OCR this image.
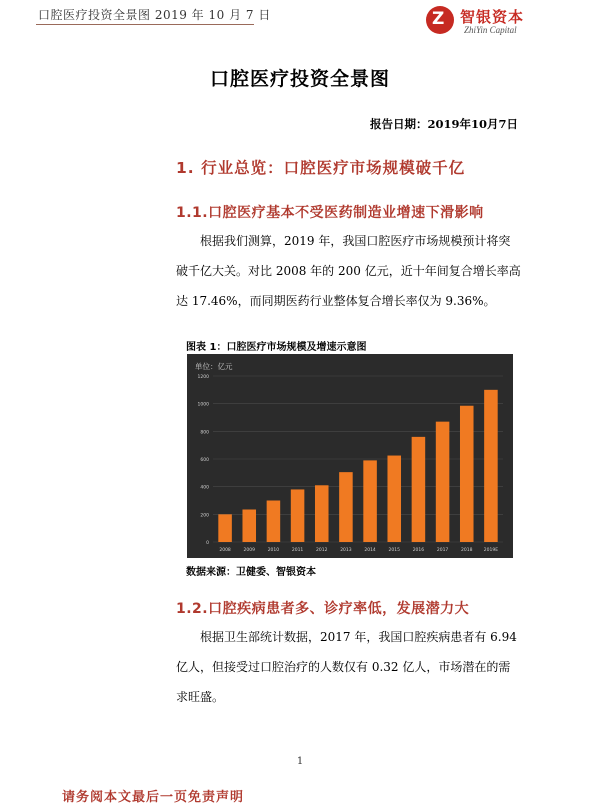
口腔医疗投资全景图 2019 年 10 月 7 日	Z 智银资本
ZhiYin Capital
口腔医疗投资全景图
报告日期：2019年10月7日
1. 行业总览：口腔医疗市场规模破千亿
1.1.口腔医疗基本不受医药制造业增速下滑影响
根据我们测算，2019 年，我国口腔医疗市场规模预计将突
破千亿大关。对比 2008 年的 200 亿元，近十年间复合增长率高
达 17.46%，而同期医药行业整体复合增长率仅为 9.36%。
图表 1：口腔医疗市场规模及增速示意图
单位：亿元
0
200
400
600
800
1000
1200
2008	2009	2010	2011	2012	2013	2014	2015	2016	2017	2018	2019E
数据来源：卫健委、智银资本
1.2.口腔疾病患者多、诊疗率低，发展潜力大
根据卫生部统计数据，2017 年，我国口腔疾病患者有 6.94
亿人，但接受过口腔治疗的人数仅有 0.32 亿人，市场潜在的需
求旺盛。
1
请务阅本文最后一页免责声明
